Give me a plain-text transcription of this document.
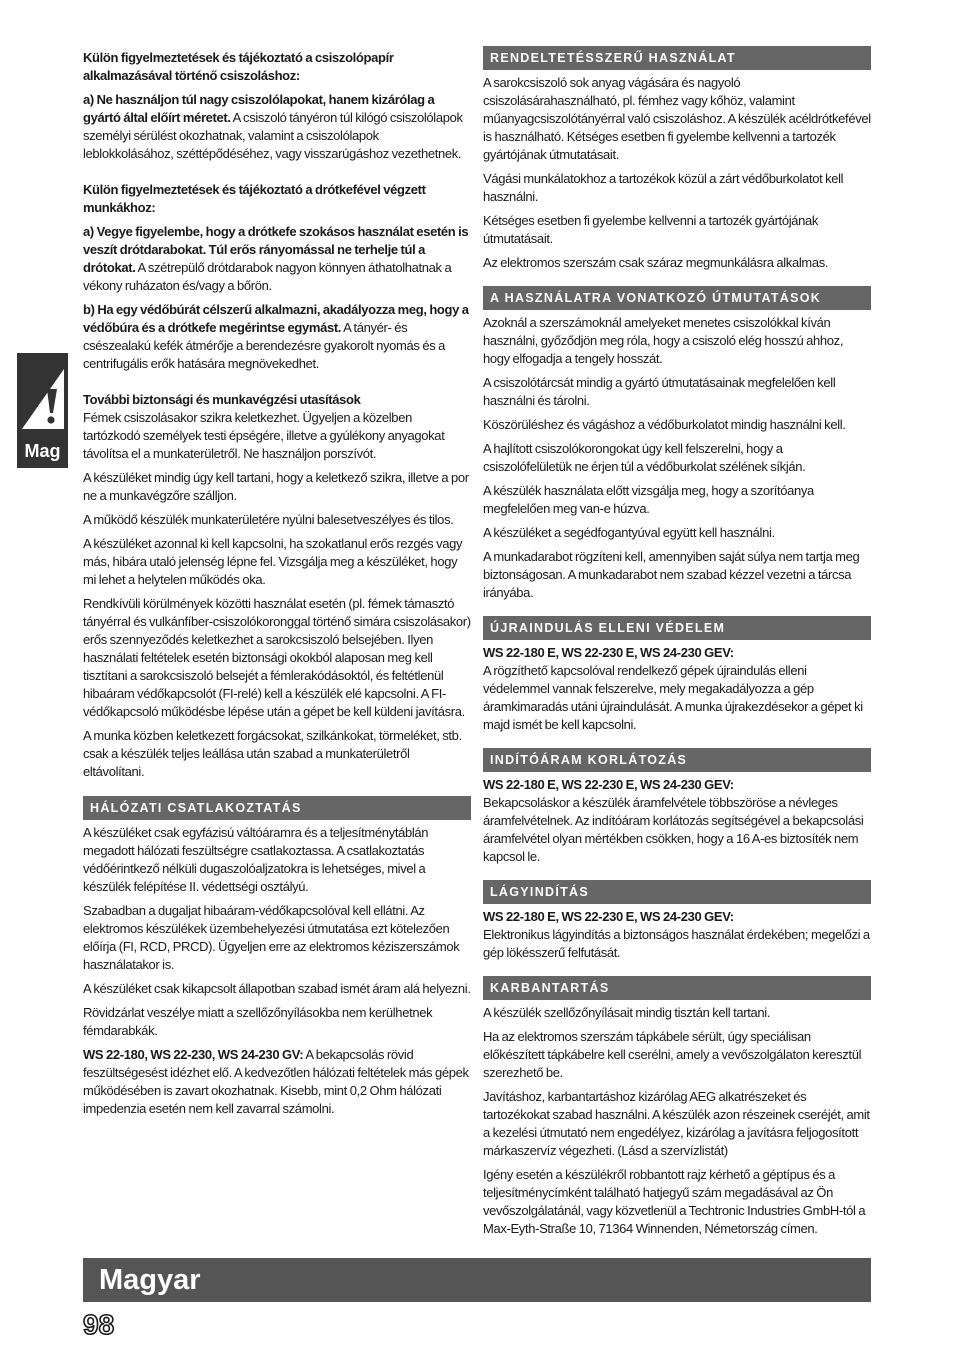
Külön figyelmeztetések és tájékoztató a csiszolópapír alkalmazásával történő csiszoláshoz:

a) Ne használjon túl nagy csiszolólapokat, hanem kizárólag a gyártó által előírt méretet. A csiszoló tányéron túl kilógó csiszolólapok személyi sérülést okozhatnak, valamint a csiszolólapok leblokkolásához, széttépődéséhez, vagy visszarúgáshoz vezethetnek.

Külön figyelmeztetések és tájékoztató a drótkefével végzett munkákhoz:

a) Vegye figyelembe, hogy a drótkefe szokásos használat esetén is veszít drótdarabokat. Túl erős rányomással ne terhelje túl a drótokat. A szétrepülő drótdarabok nagyon könnyen áthatolhatnak a vékony ruházaton és/vagy a bőrön.

b) Ha egy védőbúrát célszerű alkalmazni, akadályozza meg, hogy a védőbúra és a drótkefe megérintse egymást. A tányér- és csészealakú kefék átmérője a berendezésre gyakorolt nyomás és a centrifugális erők hatására megnövekedhet.

További biztonsági és munkavégzési utasítások

Fémek csiszolásakor szikra keletkezhet. Ügyeljen a közelben tartózkodó személyek testi épségére, illetve a gyúlékony anyagokat távolítsa el a munkaterületről. Ne használjon porszívót.

A készüléket mindig úgy kell tartani, hogy a keletkező szikra, illetve a por ne a munkavégzőre szálljon.

A működő készülék munkaterületére nyúlni balesetveszélyes és tilos.

A készüléket azonnal ki kell kapcsolni, ha szokatlanul erős rezgés vagy más, hibára utaló jelenség lépne fel. Vizsgálja meg a készüléket, hogy mi lehet a helytelen működés oka.

Rendkívüli körülmények közötti használat esetén (pl. fémek támasztó tányérral és vulkánfíber-csiszolókoronggal történő simára csiszolásakor) erős szennyeződés keletkezhet a sarokcsiszoló belsejében. Ilyen használati feltételek esetén biztonsági okokból alaposan meg kell tisztítani a sarokcsiszoló belsejét a fémlerakódásoktól, és feltétlenül hibaáram védőkapcsolót (FI-relé) kell a készülék elé kapcsolni. A FI-védőkapcsoló működésbe lépése után a gépet be kell küldeni javításra.

A munka közben keletkezett forgácsokat, szilkánkokat, törmeléket, stb. csak a készülék teljes leállása után szabad a munkaterületről eltávolítani.

HÁLÓZATI CSATLAKOZTATÁS

A készüléket csak egyfázisú váltóáramra és a teljesítménytáblán megadott hálózati feszültségre csatlakoztassa. A csatlakoztatás védőérintkező nélküli dugaszolóaljzatokra is lehetséges, mivel a készülék felépítése II. védettségi osztályú.

Szabadban a dugaljat hibaáram-védőkapcsolóval kell ellátni. Az elektromos készülékek üzembehelyezési útmutatása ezt kötelezően előírja (FI, RCD, PRCD). Ügyeljen erre az elektromos kéziszerszámok használatakor is.

A készüléket csak kikapcsolt állapotban szabad ismét áram alá helyezni.

Rövidzárlat veszélye miatt a szellőzőnyílásokba nem kerülhetnek fémdarabkák.

WS 22-180, WS 22-230, WS 24-230 GV: A bekapcsolás rövid feszültségesést idézhet elő. A kedvezőtlen hálózati feltételek más gépek működésében is zavart okozhatnak. Kisebb, mint 0,2 Ohm hálózati impedenzia esetén nem kell zavarral számolni.

RENDELTETÉSSZERŰ HASZNÁLAT

A sarokcsiszoló sok anyag vágására és nagyoló csiszolásárahasználható, pl. fémhez vagy kőhöz, valamint műanyagcsiszolótányérral való csiszoláshoz. A készülék acéldrótkefével is használható. Kétséges esetben fi gyelembe kellvenni a tartozék gyártójának útmutatásait.

Vágási munkálatokhoz a tartozékok közül a zárt védőburkolatot kell használni.

Kétséges esetben fi gyelembe kellvenni a tartozék gyártójának útmutatásait.

Az elektromos szerszám csak száraz megmunkálásra alkalmas.

A HASZNÁLATRA VONATKOZÓ ÚTMUTATÁSOK

Azoknál a szerszámoknál amelyeket menetes csiszolókkal kíván használni, győződjön meg róla, hogy a csiszoló elég hosszú ahhoz, hogy elfogadja a tengely hosszát.

A csiszolótárcsát mindig a gyártó útmutatásainak megfelelően kell használni és tárolni.

Köszörüléshez és vágáshoz a védőburkolatot mindig használni kell.

A hajlított csiszolókorongokat úgy kell felszerelni, hogy a csiszolófelületük ne érjen túl a védőburkolat szélének síkján.

A készülék használata előtt vizsgálja meg, hogy a szorítóanya megfelelően meg van-e húzva.

A készüléket a segédfogantyúval együtt kell használni.

A munkadarabot rögzíteni kell, amennyiben saját súlya nem tartja meg biztonságosan. A munkadarabot nem szabad kézzel vezetni a tárcsa irányába.

ÚJRAINDULÁS ELLENI VÉDELEM

WS 22-180 E, WS 22-230 E, WS 24-230 GEV:

A rögzíthető kapcsolóval rendelkező gépek újraindulás elleni védelemmel vannak felszerelve, mely megakadályozza a gép áramkimaradás utáni újraindulását. A munka újrakezdésekor a gépet ki majd ismét be kell kapcsolni.

INDÍTÓÁRAM KORLÁTOZÁS

WS 22-180 E, WS 22-230 E, WS 24-230 GEV:

Bekapcsoláskor a készülék áramfelvétele többszöröse a névleges áramfelvételnek. Az indítóáram korlátozás segítségével a bekapcsolási áramfelvétel olyan mértékben csökken, hogy a 16 A-es biztosíték nem kapcsol le.

LÁGYINDÍTÁS

WS 22-180 E, WS 22-230 E, WS 24-230 GEV:

Elektronikus lágyindítás a biztonságos használat érdekében; megelőzi a gép lökésszerű felfutását.

KARBANTARTÁS

A készülék szellőzőnyílásait mindig tisztán kell tartani.

Ha az elektromos szerszám tápkábele sérült, úgy speciálisan előkészített tápkábelre kell cserélni, amely a vevőszolgálaton keresztül szerezhető be.

Javításhoz, karbantartáshoz kizárólag AEG alkatrészeket és tartozékokat szabad használni. A készülék azon részeinek cseréjét, amit a kezelési útmutató nem engedélyez, kizárólag a javításra feljogosított márkaszervíz végezheti. (Lásd a szervízlistát)

Igény esetén a készülékről robbantott rajz kérhető a géptípus és a teljesítménycímként található hatjegyű szám megadásával az Ön vevőszolgálatánál, vagy közvetlenül a Techtronic Industries GmbH-tól a Max-Eyth-Straße 10, 71364 Winnenden, Németország címen.

Mag
Magyar
98
